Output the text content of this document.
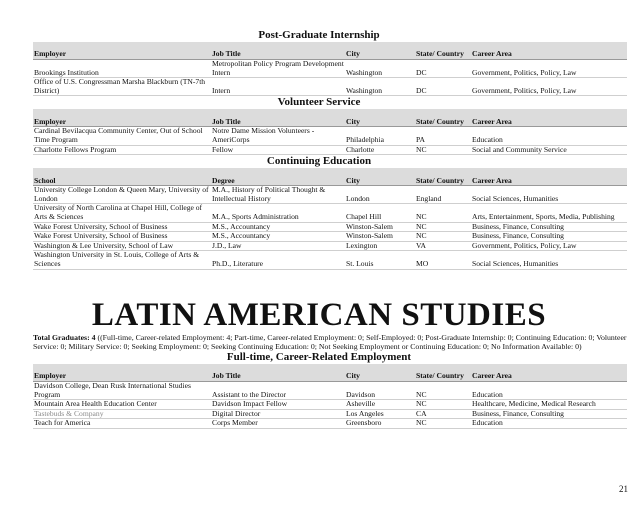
Post-Graduate Internship
Employer	Job Title	City	State/ Country	Career Area
Brookings Institution	Metropolitan Policy Program Development Intern	Washington	DC	Government, Politics, Policy, Law
Office of U.S. Congressman Marsha Blackburn (TN-7th District)	Intern	Washington	DC	Government, Politics, Policy, Law
Volunteer Service
Employer	Job Title	City	State/ Country	Career Area
Cardinal Bevilacqua Community Center, Out of School Time Program	Notre Dame Mission Volunteers - AmeriCorps	Philadelphia	PA	Education
Charlotte Fellows Program	Fellow	Charlotte	NC	Social and Community Service
Continuing Education
School	Degree	City	State/ Country	Career Area
University College London & Queen Mary, University of London	M.A., History of Political Thought & Intellectual History	London	England	Social Sciences, Humanities
University of North Carolina at Chapel Hill, College of Arts & Sciences	M.A., Sports Administration	Chapel Hill	NC	Arts, Entertainment, Sports, Media, Publishing
Wake Forest University, School of Business	M.S., Accountancy	Winston-Salem	NC	Business, Finance, Consulting
Wake Forest University, School of Business	M.S., Accountancy	Winston-Salem	NC	Business, Finance, Consulting
Washington & Lee University, School of Law	J.D., Law	Lexington	VA	Government, Politics, Policy, Law
Washington University in St. Louis, College of Arts & Sciences	Ph.D., Literature	St. Louis	MO	Social Sciences, Humanities
LATIN AMERICAN STUDIES
Total Graduates: 4 ((Full-time, Career-related Employment: 4; Part-time, Career-related Employment: 0; Self-Employed: 0; Post-Graduate Internship: 0; Continuing Education: 0; Volunteer Service: 0; Military Service: 0; Seeking Employment: 0; Seeking Continuing Education: 0; Not Seeking Employment or Continuing Education: 0; No Information Available: 0)
Full-time, Career-Related Employment
Employer	Job Title	City	State/ Country	Career Area
Davidson College, Dean Rusk International Studies Program	Assistant to the Director	Davidson	NC	Education
Mountain Area Health Education Center	Davidson Impact Fellow	Asheville	NC	Healthcare, Medicine, Medical Research
Tastebuds & Company	Digital Director	Los Angeles	CA	Business, Finance, Consulting
Teach for America	Corps Member	Greensboro	NC	Education
21
